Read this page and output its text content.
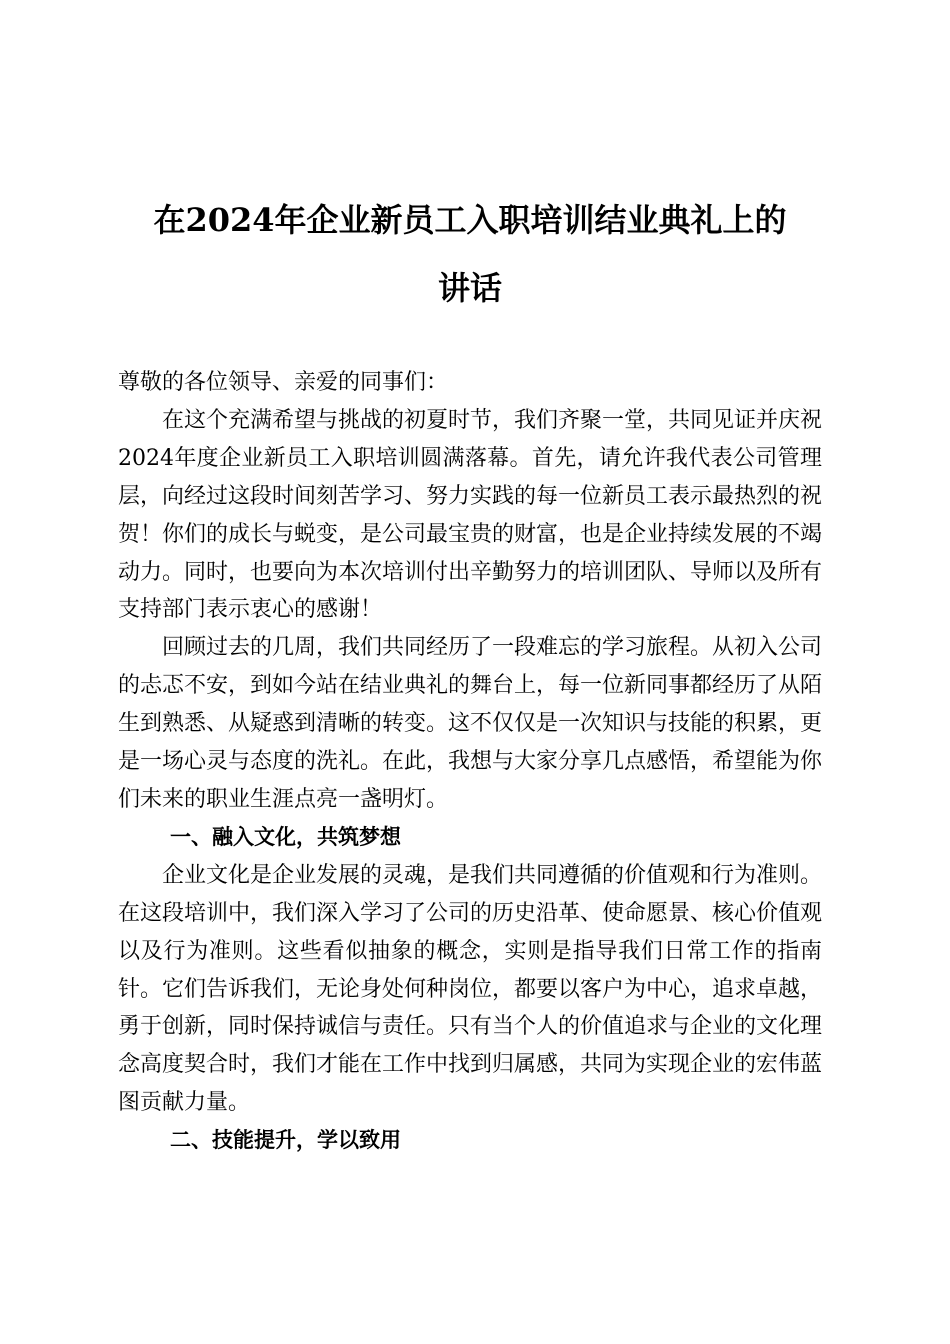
在2024年企业新员工入职培训结业典礼上的
讲话

尊敬的各位领导、亲爱的同事们：

在这个充满希望与挑战的初夏时节，我们齐聚一堂，共同见证并庆祝2024年度企业新员工入职培训圆满落幕。首先，请允许我代表公司管理层，向经过这段时间刻苦学习、努力实践的每一位新员工表示最热烈的祝贺！你们的成长与蜕变，是公司最宝贵的财富，也是企业持续发展的不竭动力。同时，也要向为本次培训付出辛勤努力的培训团队、导师以及所有支持部门表示衷心的感谢！

回顾过去的几周，我们共同经历了一段难忘的学习旅程。从初入公司的忐忑不安，到如今站在结业典礼的舞台上，每一位新同事都经历了从陌生到熟悉、从疑惑到清晰的转变。这不仅仅是一次知识与技能的积累，更是一场心灵与态度的洗礼。在此，我想与大家分享几点感悟，希望能为你们未来的职业生涯点亮一盏明灯。

一、融入文化，共筑梦想

企业文化是企业发展的灵魂，是我们共同遵循的价值观和行为准则。在这段培训中，我们深入学习了公司的历史沿革、使命愿景、核心价值观以及行为准则。这些看似抽象的概念，实则是指导我们日常工作的指南针。它们告诉我们，无论身处何种岗位，都要以客户为中心，追求卓越，勇于创新，同时保持诚信与责任。只有当个人的价值追求与企业的文化理念高度契合时，我们才能在工作中找到归属感，共同为实现企业的宏伟蓝图贡献力量。

二、技能提升，学以致用
